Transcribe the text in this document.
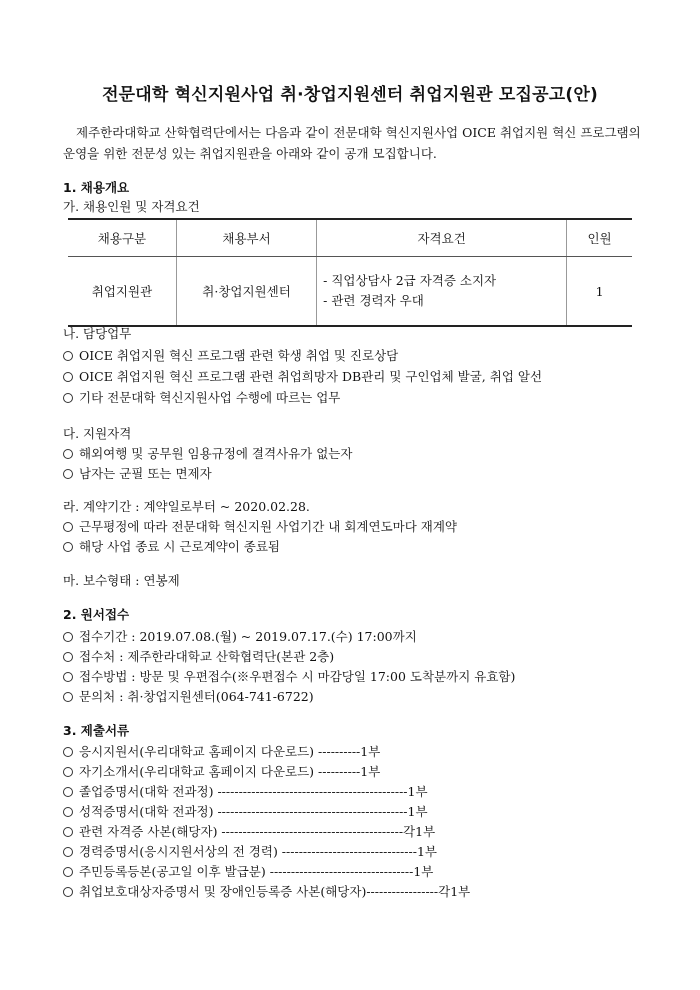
전문대학 혁신지원사업 취·창업지원센터 취업지원관 모집공고(안)
제주한라대학교 산학협력단에서는 다음과 같이 전문대학 혁신지원사업 OICE 취업지원 혁신 프로그램의
운영을 위한 전문성 있는 취업지원관을 아래와 같이 공개 모집합니다.
1. 채용개요
가. 채용인원 및 자격요건
채용구분	채용부서	자격요건	인원
취업지원관	취·창업지원센터	- 직업상담사 2급 자격증 소지자
- 관련 경력자 우대	1
나. 담당업무
OICE 취업지원 혁신 프로그램 관련 학생 취업 및 진로상담
OICE 취업지원 혁신 프로그램 관련 취업희망자 DB관리 및 구인업체 발굴, 취업 알선
기타 전문대학 혁신지원사업 수행에 따르는 업무
다. 지원자격
해외여행 및 공무원 임용규정에 결격사유가 없는자
남자는 군필 또는 면제자
라. 계약기간 : 계약일로부터 ~ 2020.02.28.
근무평정에 따라 전문대학 혁신지원 사업기간 내 회계연도마다 재계약
해당 사업 종료 시 근로계약이 종료됨
마. 보수형태 : 연봉제
2. 원서접수
접수기간 : 2019.07.08.(월) ~ 2019.07.17.(수) 17:00까지
접수처 : 제주한라대학교 산학협력단(본관 2층)
접수방법 : 방문 및 우편접수(※우편접수 시 마감당일 17:00 도착분까지 유효함)
문의처 : 취·창업지원센터(064-741-6722)
3. 제출서류
응시지원서(우리대학교 홈페이지 다운로드) ----------1부
자기소개서(우리대학교 홈페이지 다운로드) ----------1부
졸업증명서(대학 전과정) ---------------------------------------------1부
성적증명서(대학 전과정) ---------------------------------------------1부
관련 자격증 사본(해당자) -------------------------------------------각1부
경력증명서(응시지원서상의 전 경력) --------------------------------1부
주민등록등본(공고일 이후 발급분) ----------------------------------1부
취업보호대상자증명서 및 장애인등록증 사본(해당자)-----------------각1부
